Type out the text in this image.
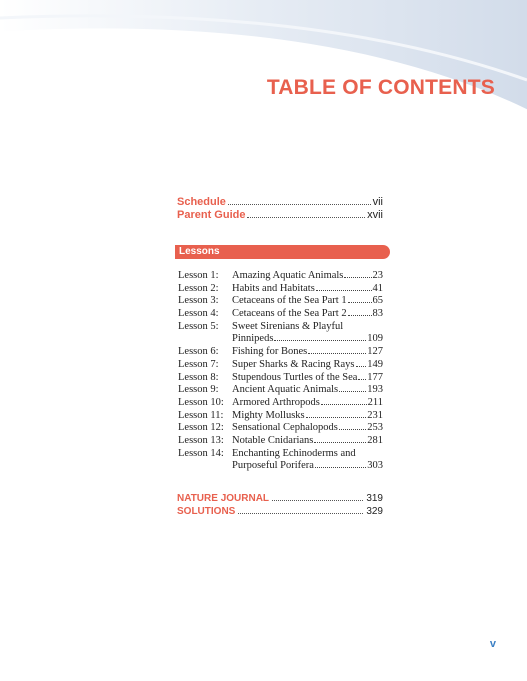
TABLE OF CONTENTS
Schedule	vii
Parent Guide	xvii
Lessons
Lesson 1:	Amazing Aquatic Animals	23
Lesson 2:	Habits and Habitats	41
Lesson 3:	Cetaceans of the Sea Part 1 65
Lesson 4:	Cetaceans of the Sea Part 2 83
Lesson 5:	Sweet Sirenians & Playful
Pinnipeds	109
Lesson 6:	Fishing for Bones	127
Lesson 7:	Super Sharks & Racing Rays 149
Lesson 8:	Stupendous Turtles of the Sea 177
Lesson 9:	Ancient Aquatic Animals	193
Lesson 10: Armored Arthropods	211
Lesson 11: Mighty Mollusks	231
Lesson 12: Sensational Cephalopods	253
Lesson 13: Notable Cnidarians	281
Lesson 14: Enchanting Echinoderms and
Purposeful Porifera	303
NATURE JOURNAL	319
SOLUTIONS	329
v
